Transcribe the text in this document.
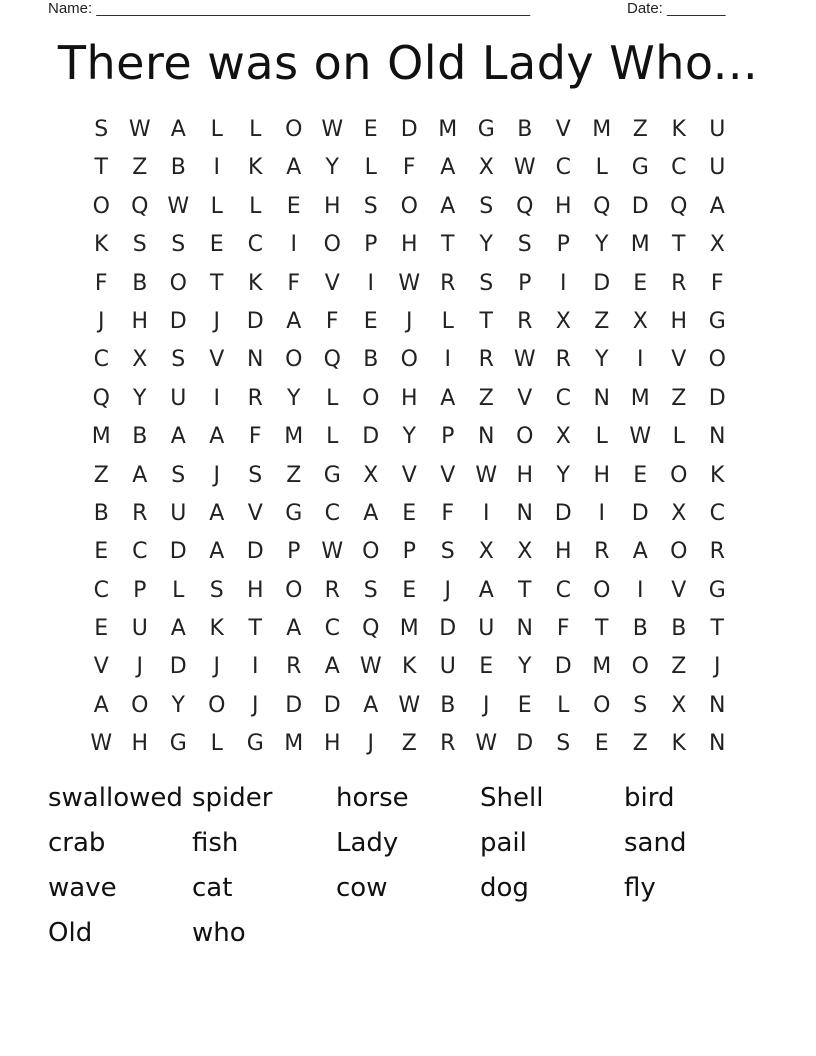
Name: ____________________________________________________	Date: _______
There was on Old Lady Who...
S W A	L	L	O W E	D M G	B	V M Z	K	U
T	Z	B	I	K	A	Y	L	F	A	X W C	L	G	C	U
O Q W L	L	E	H	S	O	A	S	Q H Q D Q	A
K	S	S	E	C	I	O	P	H	T	Y	S	P	Y	M	T	X
F	B	O	T	K	F	V	I	W R	S	P	I	D	E	R	F
J	H D	J	D	A	F	E	J	L	T	R	X	Z	X	H G
C	X	S	V	N O Q	B	O	I	R W R	Y	I	V	O
Q	Y	U	I	R	Y	L	O H	A	Z	V	C	N M Z	D
M B	A	A	F	M	L	D	Y	P	N O	X	L W L	N
Z	A	S	J	S	Z	G	X	V	V W H	Y	H	E	O	K
B	R	U	A	V	G	C	A	E	F	I	N D	I	D	X	C
E	C	D	A	D	P W O	P	S	X	X	H	R	A	O	R
C	P	L	S	H O	R	S	E	J	A	T	C	O	I	V	G
E	U	A	K	T	A	C	Q M D U	N	F	T	B	B	T
V	J	D	J	I	R	A W K	U	E	Y	D M O	Z	J
A	O	Y	O	J	D D	A W B	J	E	L	O	S	X	N
W H G	L	G M H	J	Z	R W D	S	E	Z	K	N
swallowed spider	horse	Shell	bird
crab	fish	Lady	pail	sand
wave	cat	cow	dog	fly
Old	who
